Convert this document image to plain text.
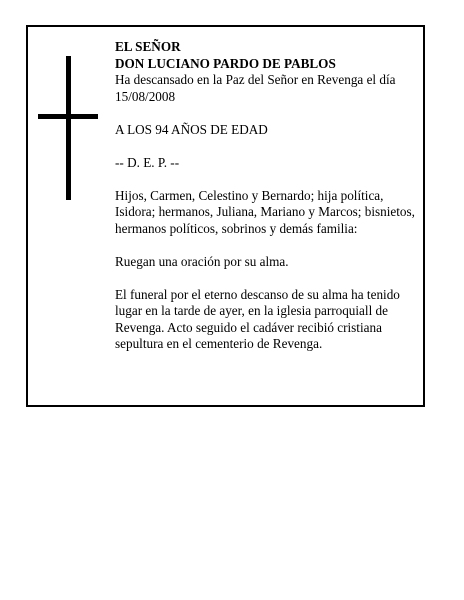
EL SEÑOR
DON LUCIANO PARDO DE PABLOS
Ha descansado en la Paz del Señor en Revenga el día
15/08/2008

A LOS 94 AÑOS DE EDAD

-- D. E. P. --

Hijos, Carmen, Celestino y Bernardo; hija política, Isidora; hermanos, Juliana, Mariano y Marcos; bisnietos, hermanos políticos, sobrinos y demás familia:

Ruegan una oración por su alma.

El funeral por el eterno descanso de su alma ha tenido lugar en la tarde de ayer, en la iglesia parroquiall de Revenga. Acto seguido el cadáver recibió cristiana sepultura en el cementerio de Revenga.
